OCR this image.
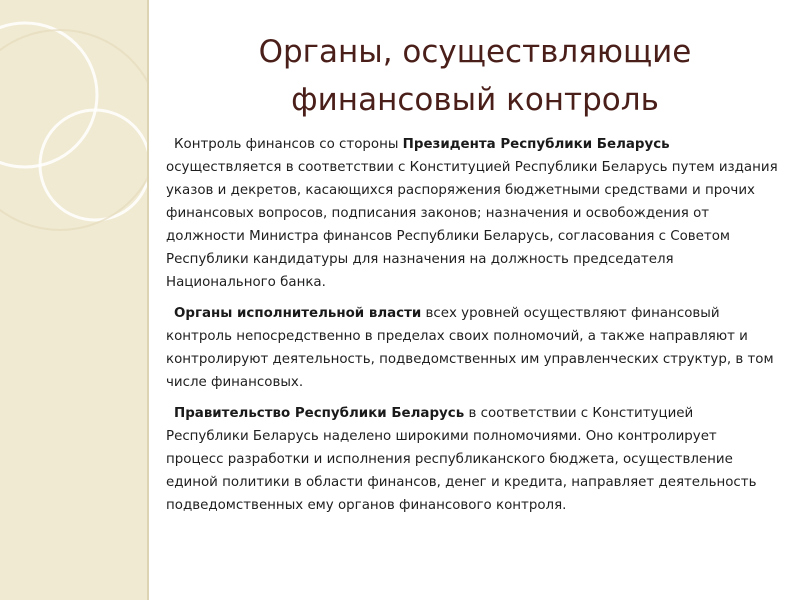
Органы, осуществляющие
финансовый контроль

Контроль финансов со стороны Президента Республики Беларусь осуществляется в соответствии с Конституцией Республики Беларусь путем издания указов и декретов, касающихся распоряжения бюджетными средствами и прочих финансовых вопросов, подписания законов; назначения и освобождения от должности Министра финансов Республики Беларусь, согласования с Советом Республики кандидатуры для назначения на должность председателя Национального банка.

Органы исполнительной власти всех уровней осуществляют финансовый контроль непосредственно в пределах своих полномочий, а также направляют и контролируют деятельность, подведомственных им управленческих структур, в том числе финансовых.

Правительство Республики Беларусь в соответствии с Конституцией Республики Беларусь наделено широкими полномочиями. Оно контролирует процесс разработки и исполнения республиканского бюджета, осуществление единой политики в области финансов, денег и кредита, направляет деятельность подведомственных ему органов финансового контроля.
